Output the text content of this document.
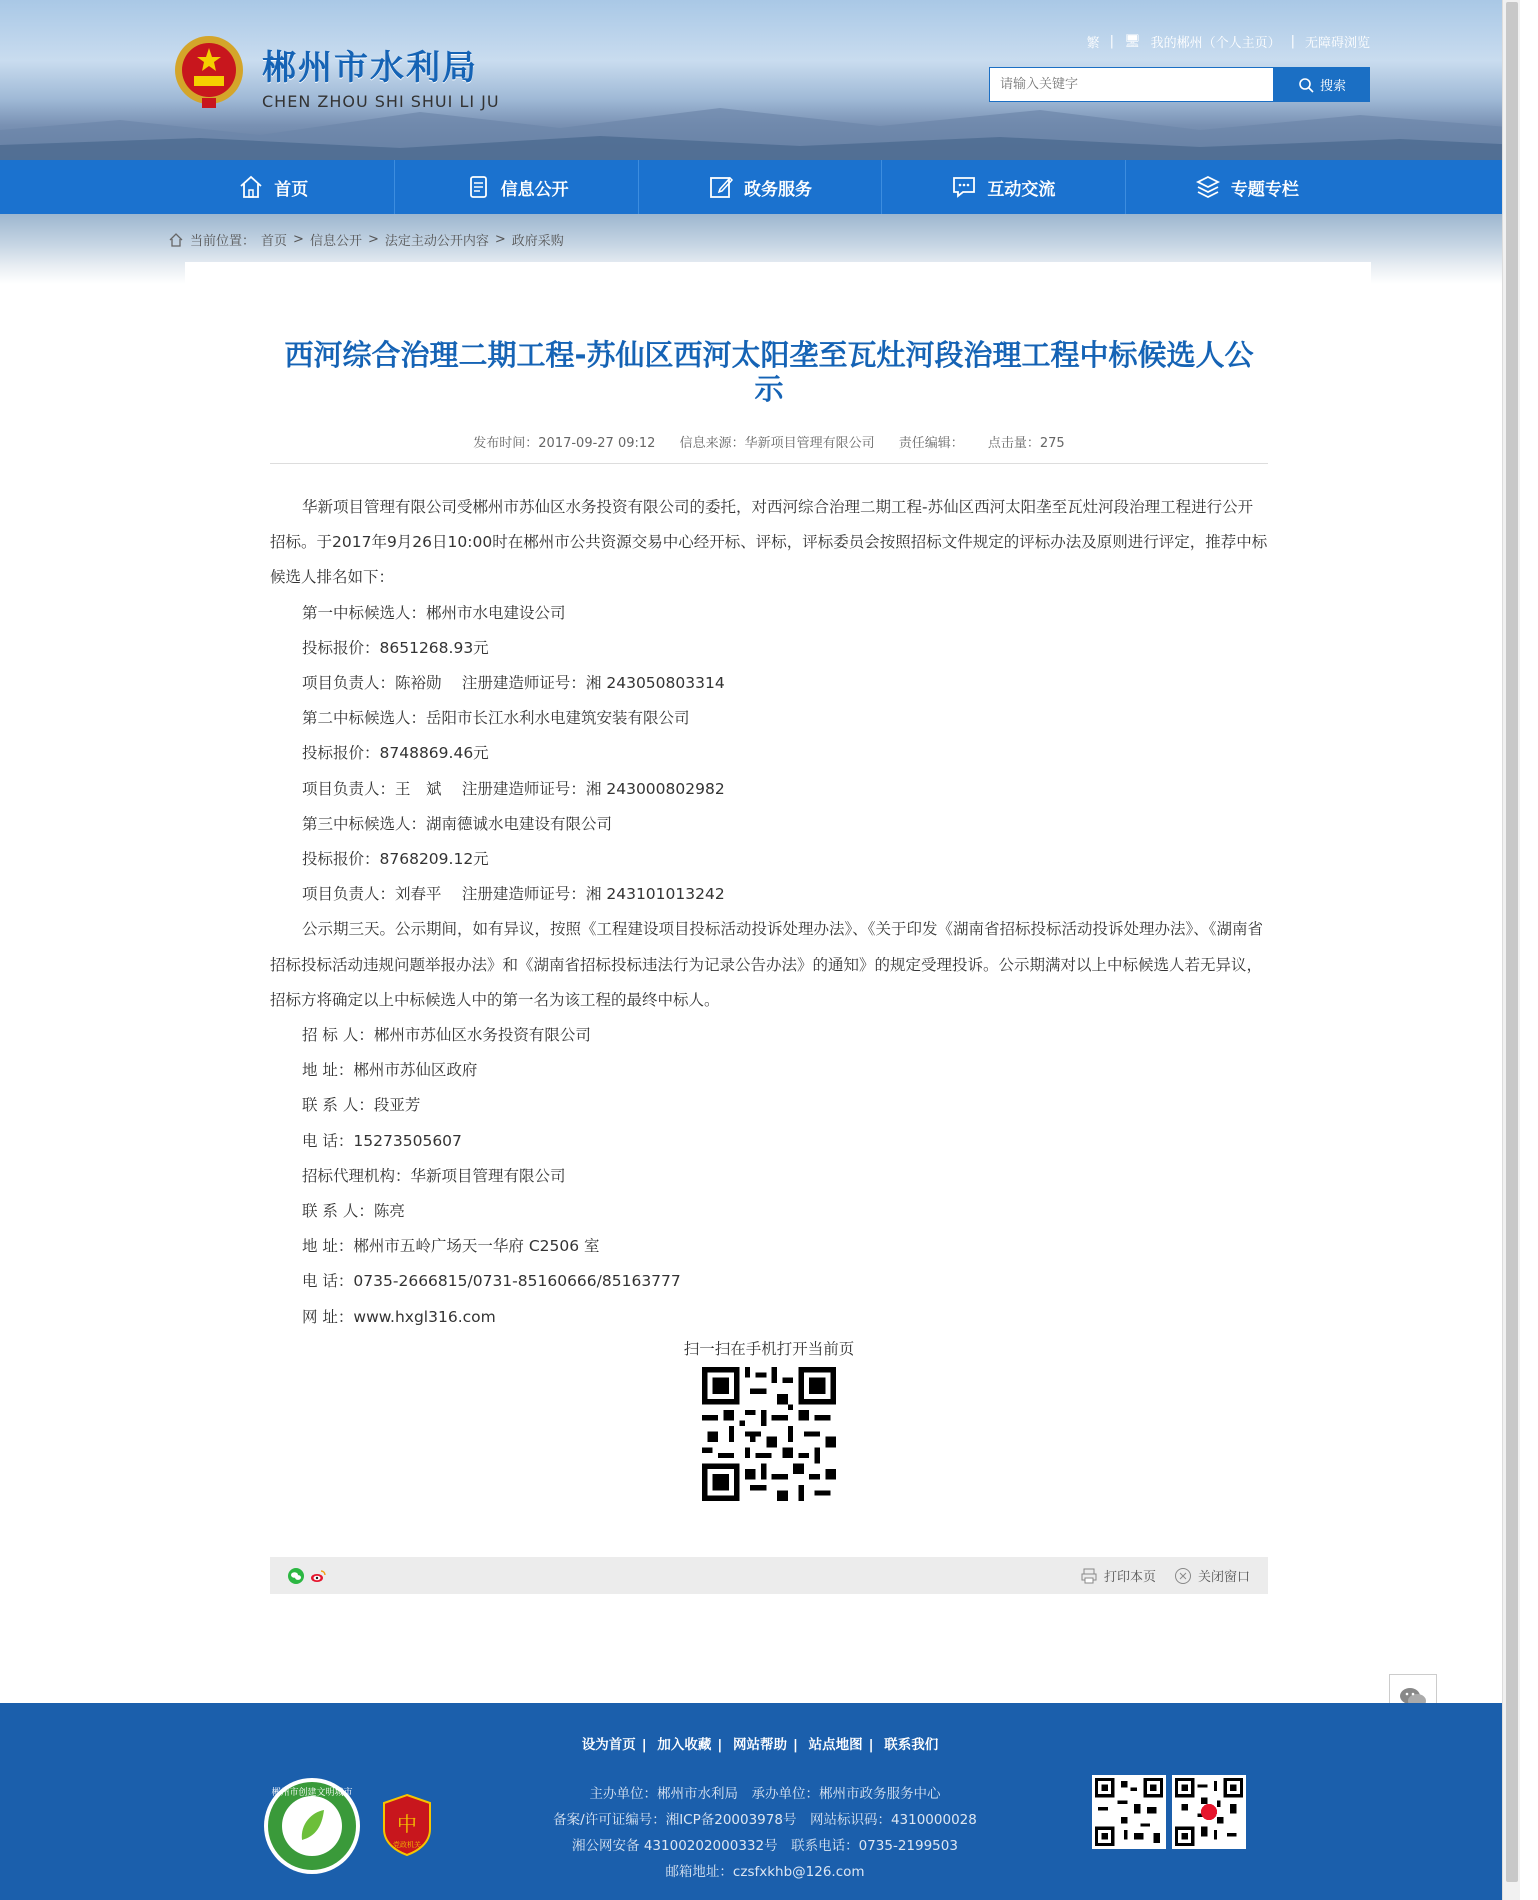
郴州市水利局
CHEN ZHOU SHI SHUI LI JU
繁 | 🖥 我的郴州（个人主页） | 无障碍浏览
请输入关键字
搜索
首页	信息公开	政务服务	互动交流	专题专栏
当前位置： 首页 > 信息公开 > 法定主动公开内容 > 政府采购
西河综合治理二期工程-苏仙区西河太阳垄至瓦灶河段治理工程中标候选人公示
发布时间：2017-09-27 09:12 信息来源：华新项目管理有限公司 责任编辑： 点击量：275

华新项目管理有限公司受郴州市苏仙区水务投资有限公司的委托，对西河综合治理二期工程-苏仙区西河太阳垄至瓦灶河段治理工程进行公开招标。于2017年9月26日10:00时在郴州市公共资源交易中心经开标、评标，评标委员会按照招标文件规定的评标办法及原则进行评定，推荐中标候选人排名如下：

第一中标候选人：郴州市水电建设公司

投标报价：8651268.93元

项目负责人：陈裕勋　 注册建造师证号：湘 243050803314

第二中标候选人：岳阳市长江水利水电建筑安装有限公司

投标报价：8748869.46元

项目负责人：王　斌　 注册建造师证号：湘 243000802982

第三中标候选人：湖南德诚水电建设有限公司

投标报价：8768209.12元

项目负责人：刘春平　 注册建造师证号：湘 243101013242

公示期三天。公示期间，如有异议，按照《工程建设项目投标活动投诉处理办法》、《关于印发《湖南省招标投标活动投诉处理办法》、《湖南省招标投标活动违规问题举报办法》和《湖南省招标投标违法行为记录公告办法》的通知》的规定受理投诉。公示期满对以上中标候选人若无异议，招标方将确定以上中标候选人中的第一名为该工程的最终中标人。

招 标 人：郴州市苏仙区水务投资有限公司

地 址：郴州市苏仙区政府

联 系 人：段亚芳

电 话：15273505607

招标代理机构：华新项目管理有限公司

联 系 人：陈亮

地 址：郴州市五岭广场天一华府 C2506 室

电 话：0735-2666815/0731-85160666/85163777

网 址：www.hxgl316.com

扫一扫在手机打开当前页
打印本页	关闭窗口
设为首页 | 加入收藏 | 网站帮助 | 站点地图 | 联系我们
郴州市创建文明城市
中
党政机关
主办单位：郴州市水利局　承办单位：郴州市政务服务中心
备案/许可证编号：湘ICP备20003978号　网站标识码：4310000028
湘公网安备 43100202000332号　联系电话：0735-2199503
邮箱地址：czsfxkhb@126.com
